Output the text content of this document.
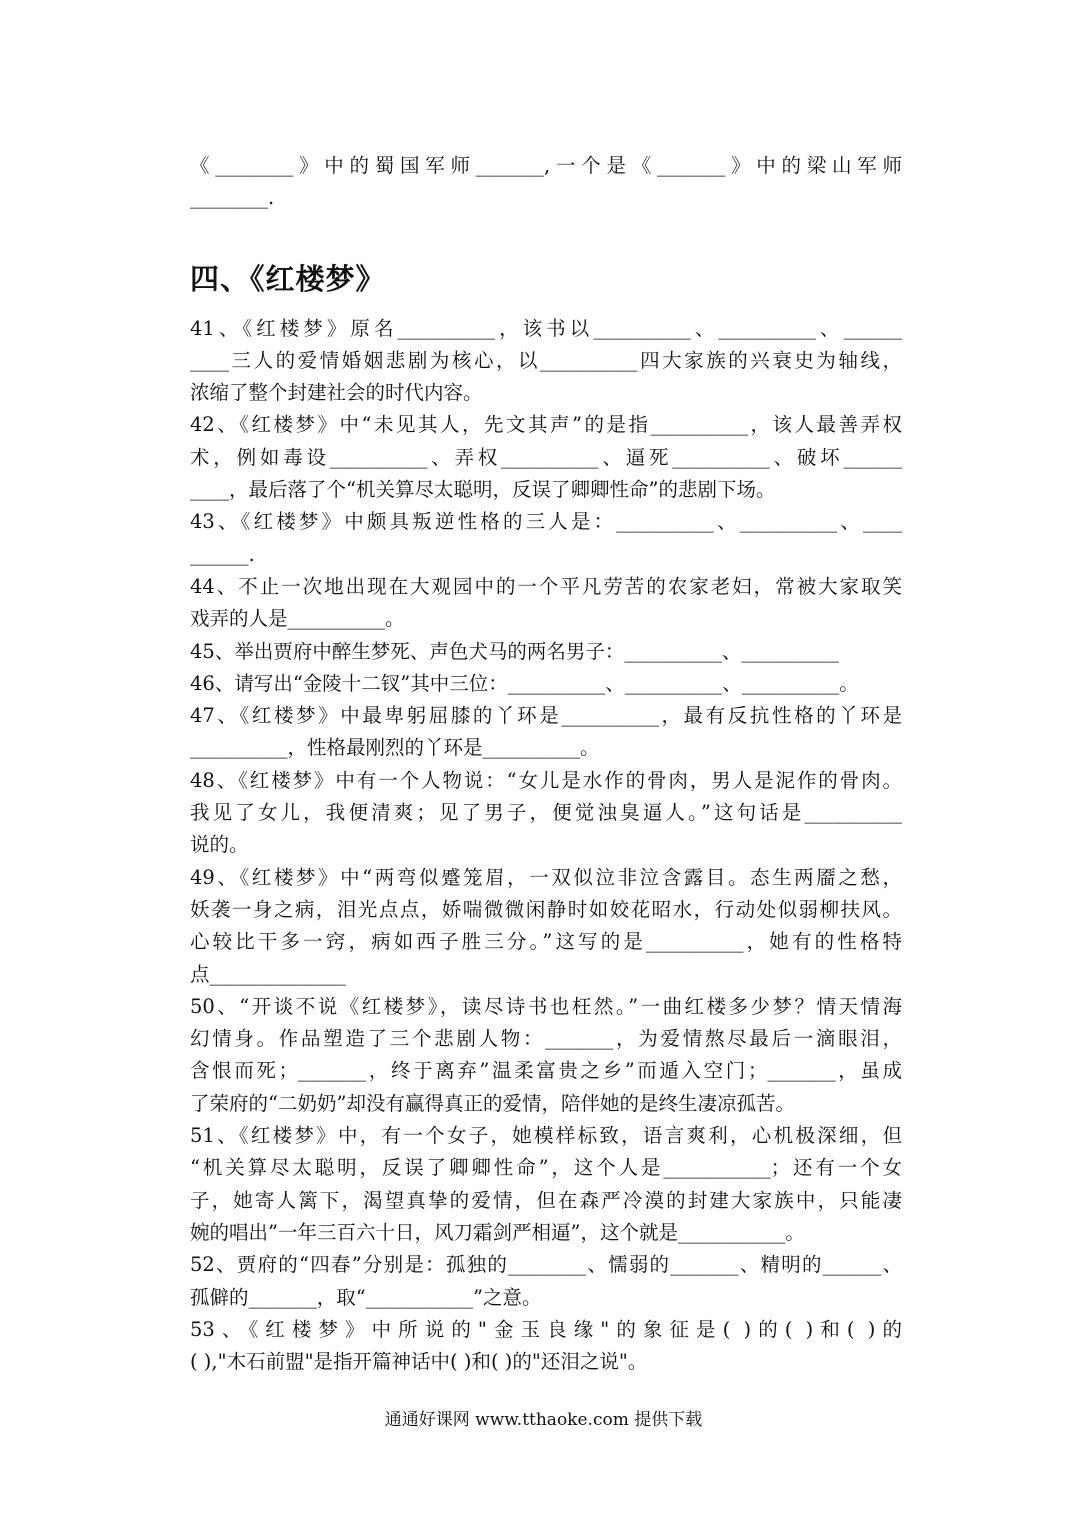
《________》中的蜀国军师_______,一个是《_______》中的梁山军师

________.

四、《红楼梦》

41、《红楼梦》原名__________，该书以__________、__________、______

____三人的爱情婚姻悲剧为核心，以__________四大家族的兴衰史为轴线，

浓缩了整个封建社会的时代内容。

42、《红楼梦》中“未见其人，先文其声”的是指__________，该人最善弄权

术，例如毒设__________、弄权__________、逼死__________、破坏______

____，最后落了个“机关算尽太聪明，反误了卿卿性命”的悲剧下场。

43、《红楼梦》中颇具叛逆性格的三人是：__________、__________、____

______.

44、不止一次地出现在大观园中的一个平凡劳苦的农家老妇，常被大家取笑

戏弄的人是__________。

45、举出贾府中醉生梦死、声色犬马的两名男子：__________、__________

46、请写出“金陵十二钗”其中三位：__________、__________、__________。

47、《红楼梦》中最卑躬屈膝的丫环是__________，最有反抗性格的丫环是

__________，性格最刚烈的丫环是__________。

48、《红楼梦》中有一个人物说：“女儿是水作的骨肉，男人是泥作的骨肉。

我见了女儿，我便清爽；见了男子，便觉浊臭逼人。”这句话是__________

说的。

49、《红楼梦》中“两弯似蹙笼眉，一双似泣非泣含露目。态生两靥之愁，

妖袭一身之病，泪光点点，娇喘微微闲静时如姣花昭水，行动处似弱柳扶风。

心较比干多一窍，病如西子胜三分。”这写的是__________，她有的性格特

点______________

50、“开谈不说《红楼梦》，读尽诗书也枉然。”一曲红楼多少梦？情天情海

幻情身。作品塑造了三个悲剧人物：_______，为爱情熬尽最后一滴眼泪，

含恨而死；_______，终于离弃”温柔富贵之乡”而遁入空门；_______，虽成

了荣府的“二奶奶”却没有赢得真正的爱情，陪伴她的是终生凄凉孤苦。

51、《红楼梦》中，有一个女子，她模样标致，语言爽利，心机极深细，但

“机关算尽太聪明，反误了卿卿性命”，这个人是___________；还有一个女

子，她寄人篱下，渴望真挚的爱情，但在森严冷漠的封建大家族中，只能凄

婉的唱出”一年三百六十日，风刀霜剑严相逼”，这个就是___________。

52、贾府的“四春”分别是：孤独的________、懦弱的_______、精明的______、

孤僻的_______，取“___________”之意。

53、《红楼梦》中所说的"金玉良缘"的象征是( )的( )和( )的

( ),"木石前盟"是指开篇神话中( )和( )的"还泪之说"。

通通好课网 www.tthaoke.com 提供下载
